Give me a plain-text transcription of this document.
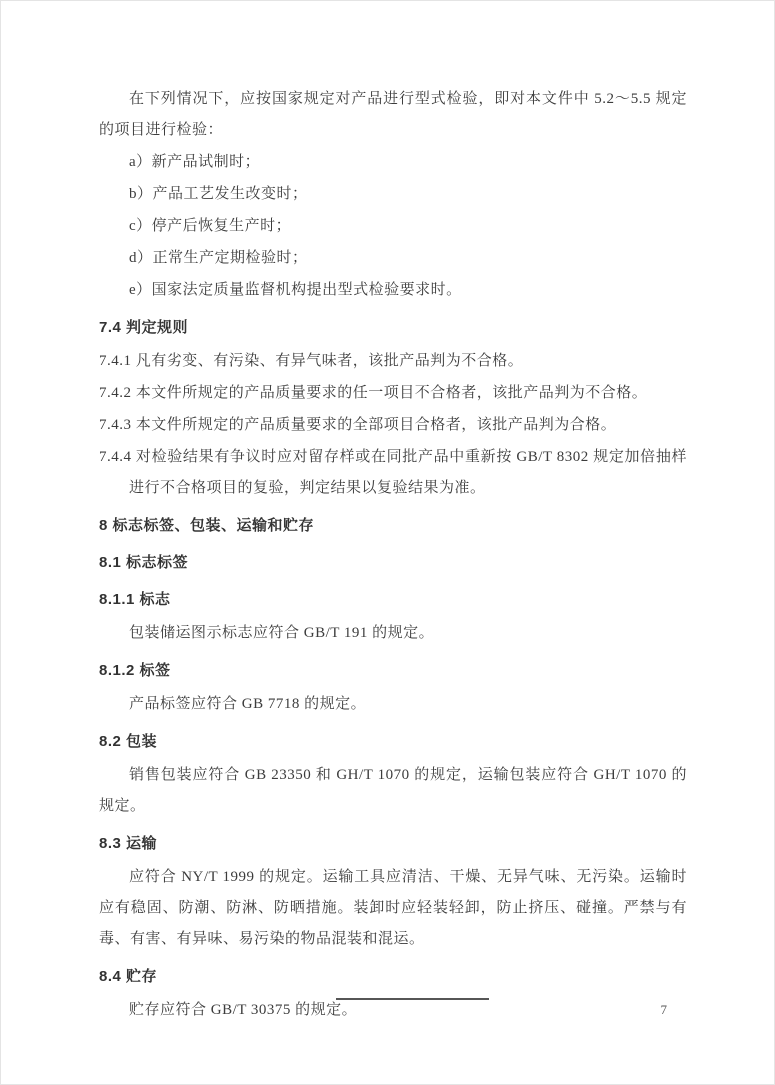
在下列情况下，应按国家规定对产品进行型式检验，即对本文件中 5.2～5.5 规定的项目进行检验：

a）新产品试制时；

b）产品工艺发生改变时；

c）停产后恢复生产时；

d）正常生产定期检验时；

e）国家法定质量监督机构提出型式检验要求时。

7.4 判定规则

7.4.1 凡有劣变、有污染、有异气味者，该批产品判为不合格。

7.4.2 本文件所规定的产品质量要求的任一项目不合格者，该批产品判为不合格。

7.4.3 本文件所规定的产品质量要求的全部项目合格者，该批产品判为合格。

7.4.4 对检验结果有争议时应对留存样或在同批产品中重新按 GB/T 8302 规定加倍抽样进行不合格项目的复验，判定结果以复验结果为准。

8 标志标签、包装、运输和贮存
8.1 标志标签
8.1.1 标志

包装储运图示标志应符合 GB/T 191 的规定。

8.1.2 标签

产品标签应符合 GB 7718 的规定。

8.2 包装

销售包装应符合 GB 23350 和 GH/T 1070 的规定，运输包装应符合 GH/T 1070 的规定。

8.3 运输

应符合 NY/T 1999 的规定。运输工具应清洁、干燥、无异气味、无污染。运输时应有稳固、防潮、防淋、防晒措施。装卸时应轻装轻卸，防止挤压、碰撞。严禁与有毒、有害、有异味、易污染的物品混装和混运。

8.4 贮存

贮存应符合 GB/T 30375 的规定。	7
